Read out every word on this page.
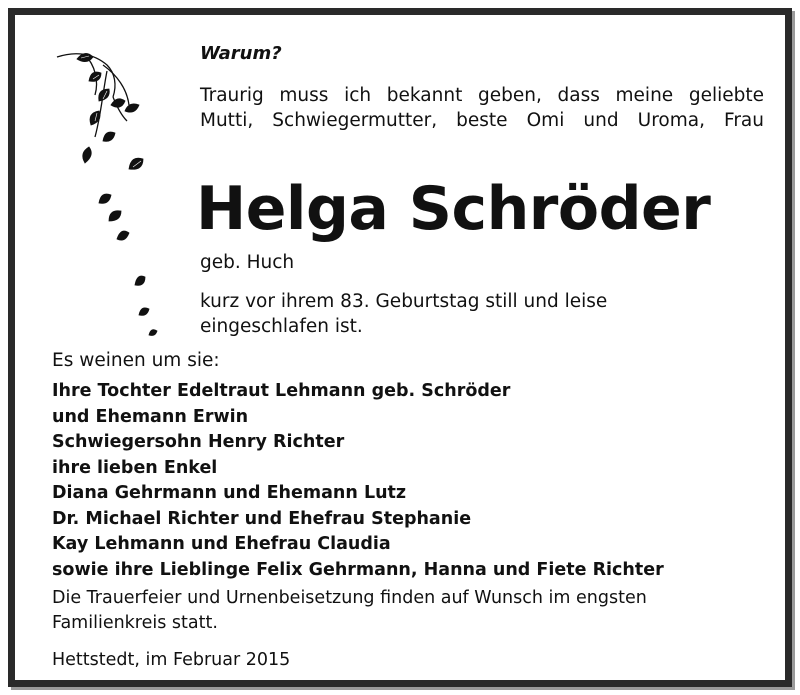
Warum?
Traurig muss ich bekannt geben, dass meine geliebte
Mutti, Schwiegermutter, beste Omi und Uroma, Frau
Helga Schröder
geb. Huch
kurz vor ihrem 83. Geburtstag still und leise
eingeschlafen ist.
Es weinen um sie:
Ihre Tochter Edeltraut Lehmann geb. Schröder
und Ehemann Erwin
Schwiegersohn Henry Richter
ihre lieben Enkel
Diana Gehrmann und Ehemann Lutz
Dr. Michael Richter und Ehefrau Stephanie
Kay Lehmann und Ehefrau Claudia
sowie ihre Lieblinge Felix Gehrmann, Hanna und Fiete Richter
Die Trauerfeier und Urnenbeisetzung finden auf Wunsch im engsten
Familienkreis statt.
Hettstedt, im Februar 2015
